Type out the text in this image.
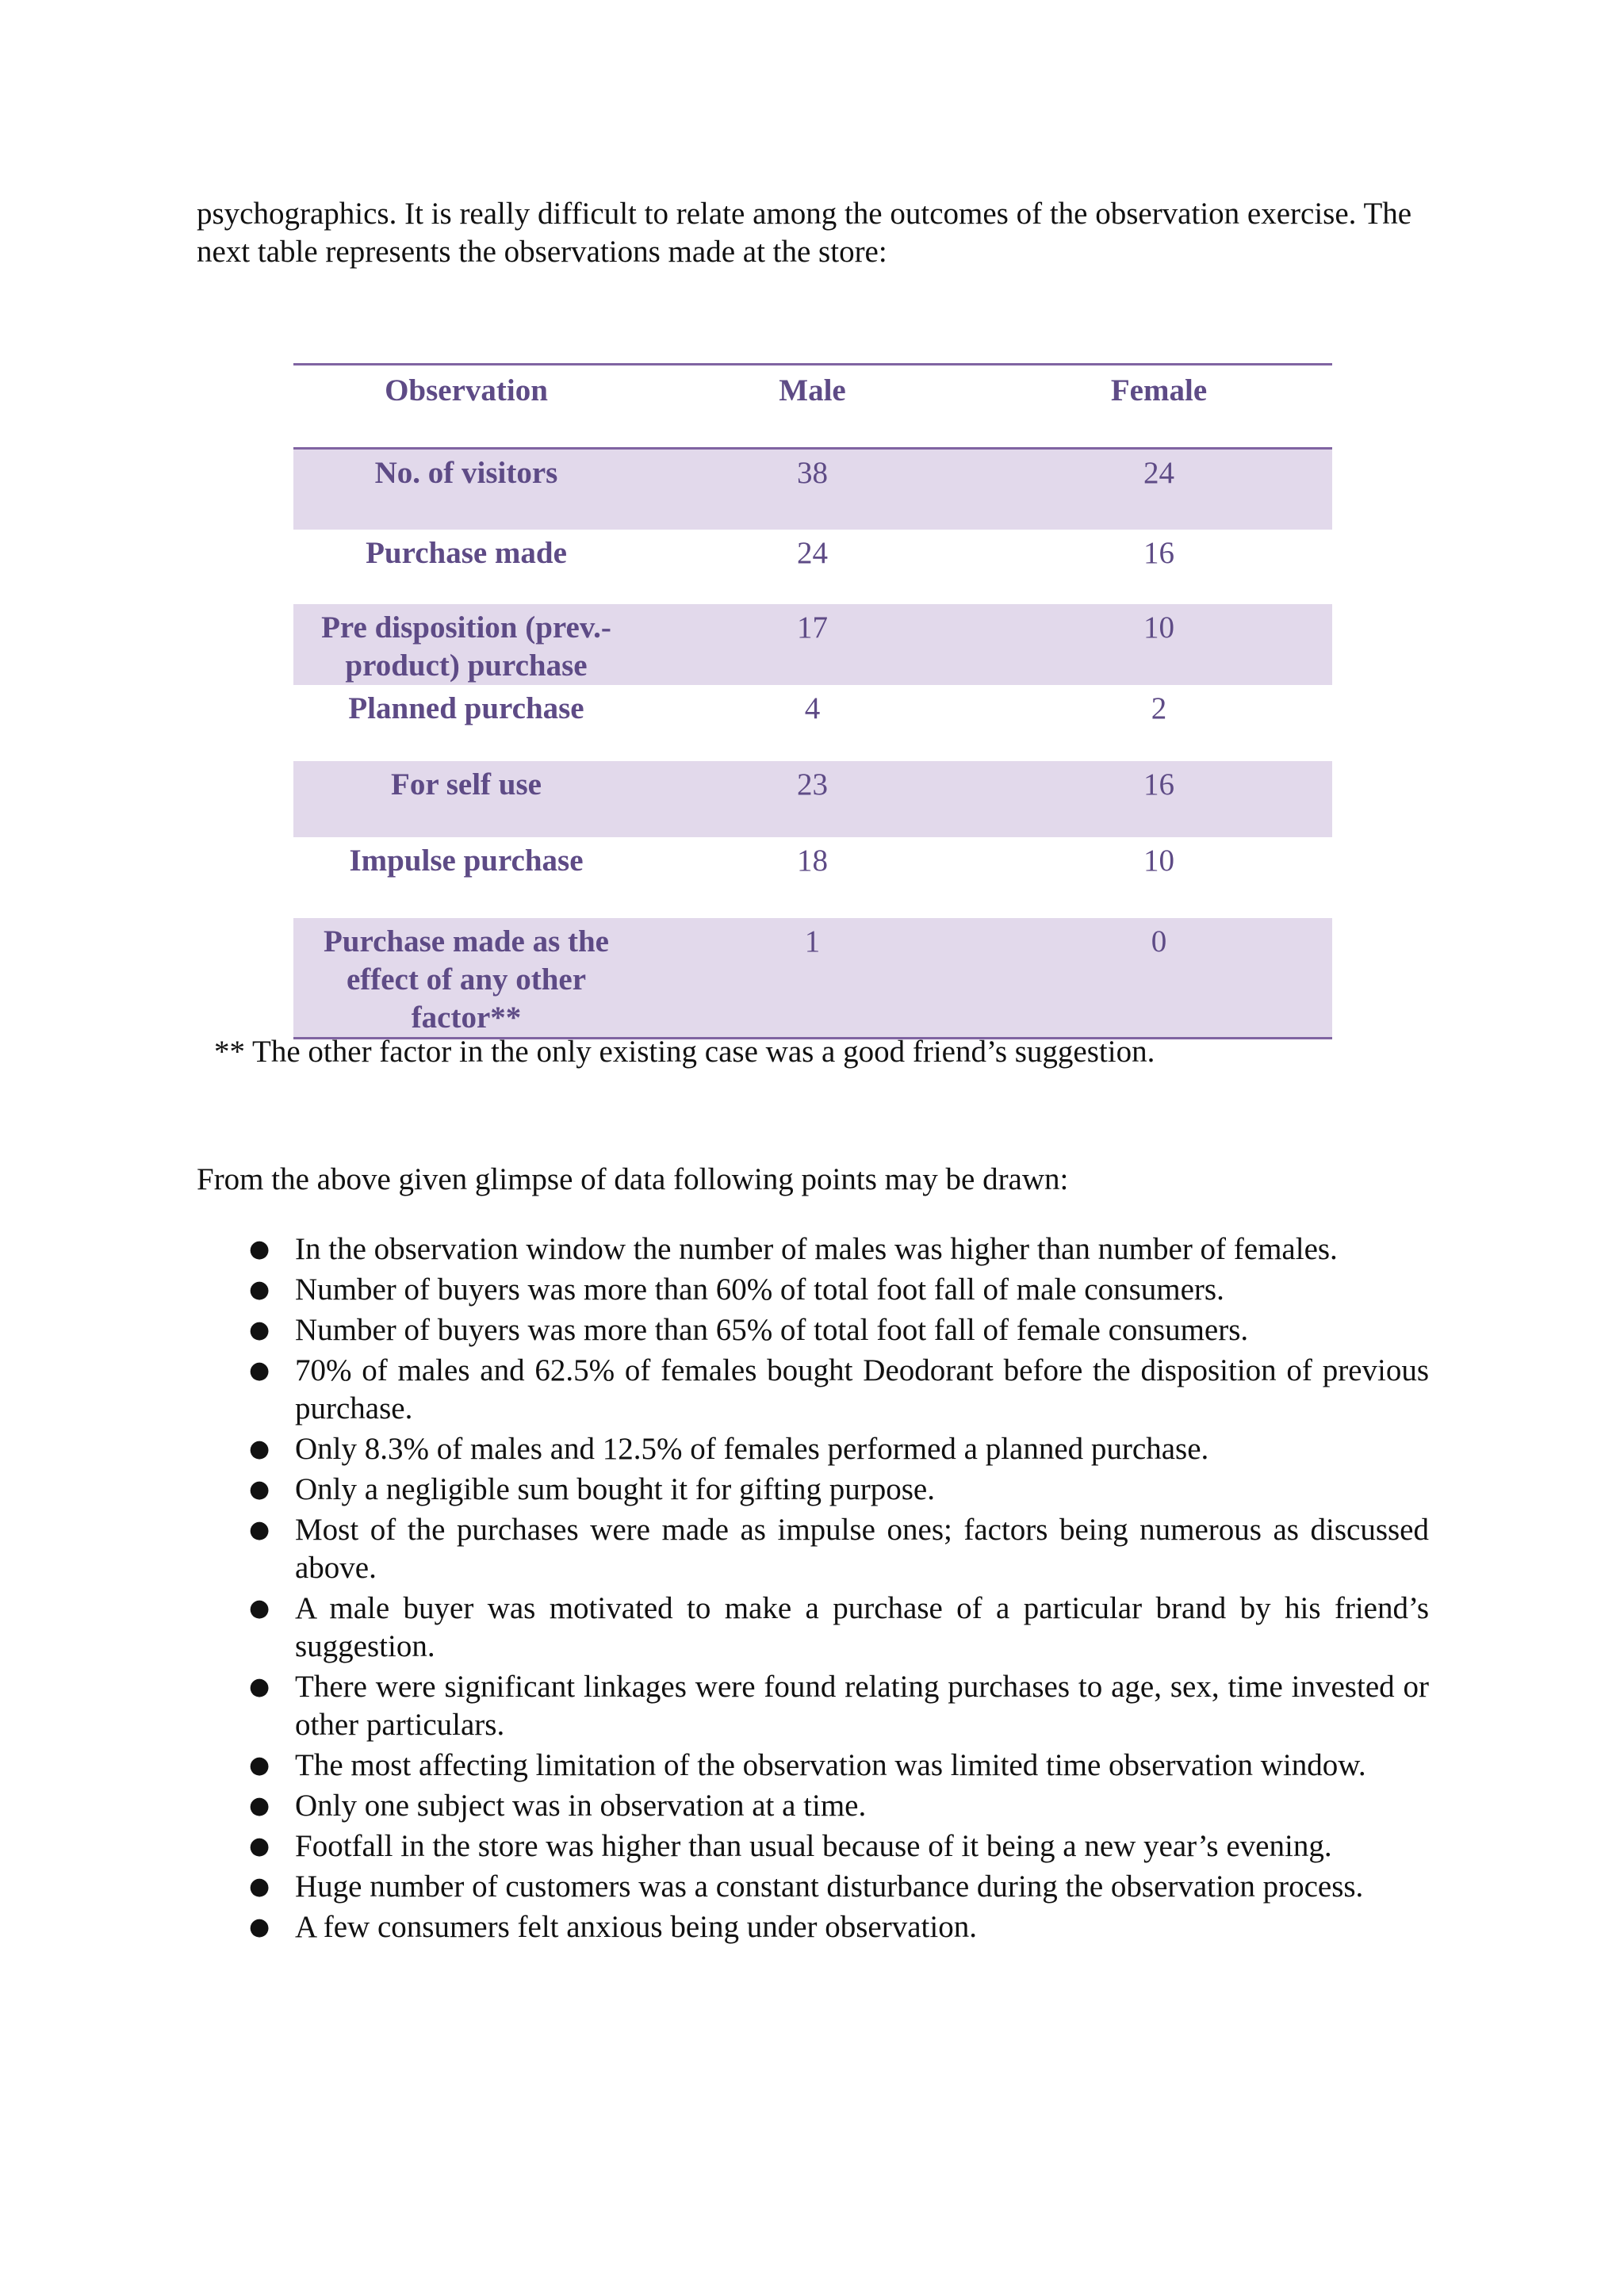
psychographics. It is really difficult to relate among the outcomes of the observation exercise. The next table represents the observations made at the store:

Observation	Male	Female
No. of visitors	38	24
Purchase made	24	16
Pre disposition (prev.-product) purchase	17	10
Planned purchase	4	2
For self use	23	16
Impulse purchase	18	10
Purchase made as the effect of any other factor**	1	0

** The other factor in the only existing case was a good friend’s suggestion.

From the above given glimpse of data following points may be drawn:

● In the observation window the number of males was higher than number of females.
● Number of buyers was more than 60% of total foot fall of male consumers.
● Number of buyers was more than 65% of total foot fall of female consumers.
● 70% of males and 62.5% of females bought Deodorant before the disposition of previous purchase.
● Only 8.3% of males and 12.5% of females performed a planned purchase.
● Only a negligible sum bought it for gifting purpose.
● Most of the purchases were made as impulse ones; factors being numerous as discussed above.
● A male buyer was motivated to make a purchase of a particular brand by his friend’s suggestion.
● There were significant linkages were found relating purchases to age, sex, time invested or other particulars.
● The most affecting limitation of the observation was limited time observation window.
● Only one subject was in observation at a time.
● Footfall in the store was higher than usual because of it being a new year’s evening.
● Huge number of customers was a constant disturbance during the observation process.
● A few consumers felt anxious being under observation.
